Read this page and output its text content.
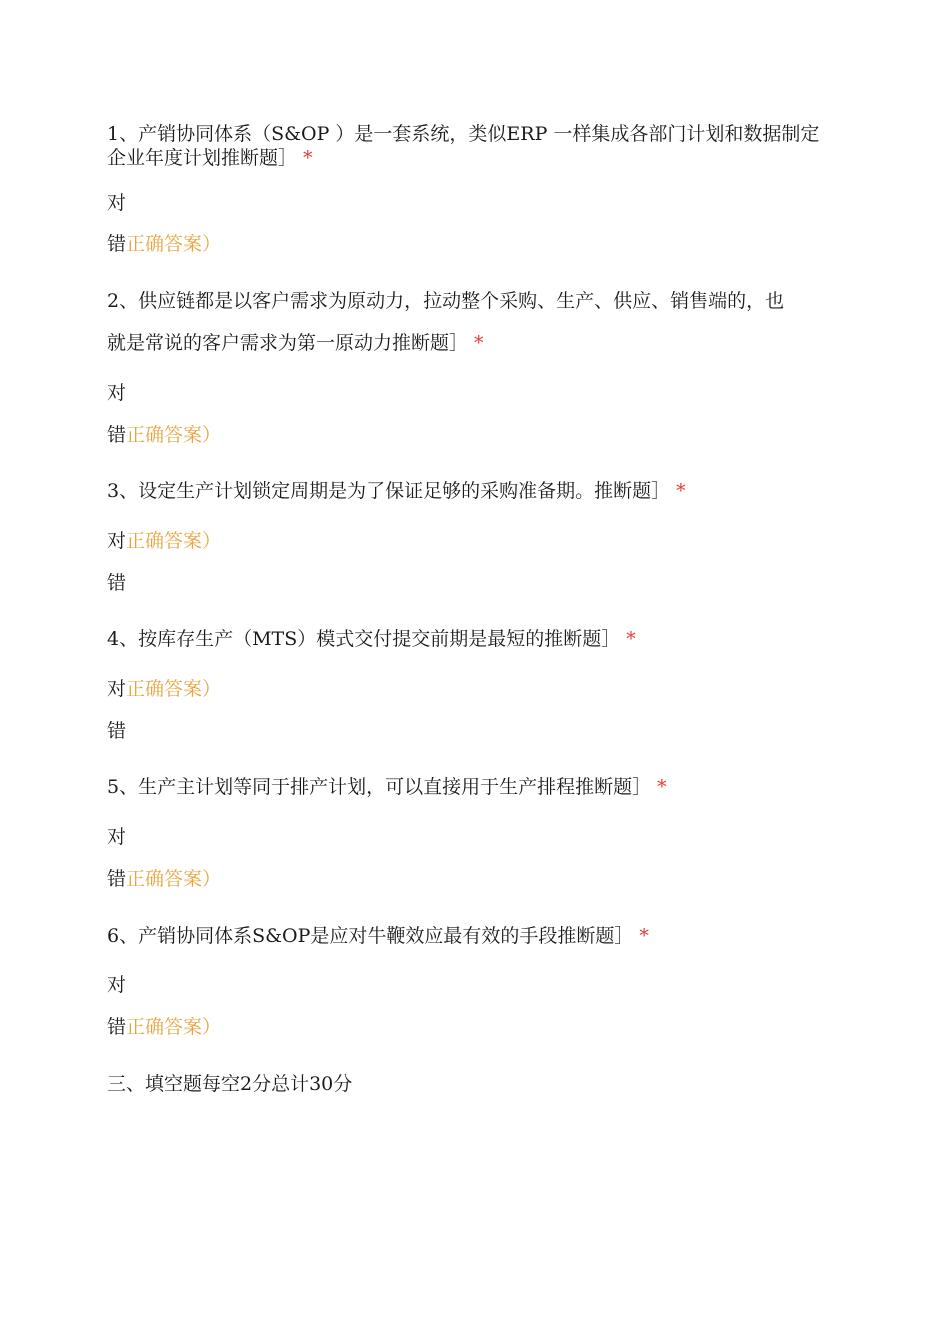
1、产销协同体系（S&OP ）是一套系统，类似ERP 一样集成各部门计划和数据制定
企业年度计划推断题］ *
对
错正确答案）
2、供应链都是以客户需求为原动力，拉动整个采购、生产、供应、销售端的，也
就是常说的客户需求为第一原动力推断题］ *
对
错正确答案）
3、设定生产计划锁定周期是为了保证足够的采购准备期。推断题］ *
对正确答案）
错
4、按库存生产（MTS）模式交付提交前期是最短的推断题］ *
对正确答案）
错
5、生产主计划等同于排产计划，可以直接用于生产排程推断题］ *
对
错正确答案）
6、产销协同体系S&OP是应对牛鞭效应最有效的手段推断题］ *
对
错正确答案）
三、填空题每空2分总计30分
